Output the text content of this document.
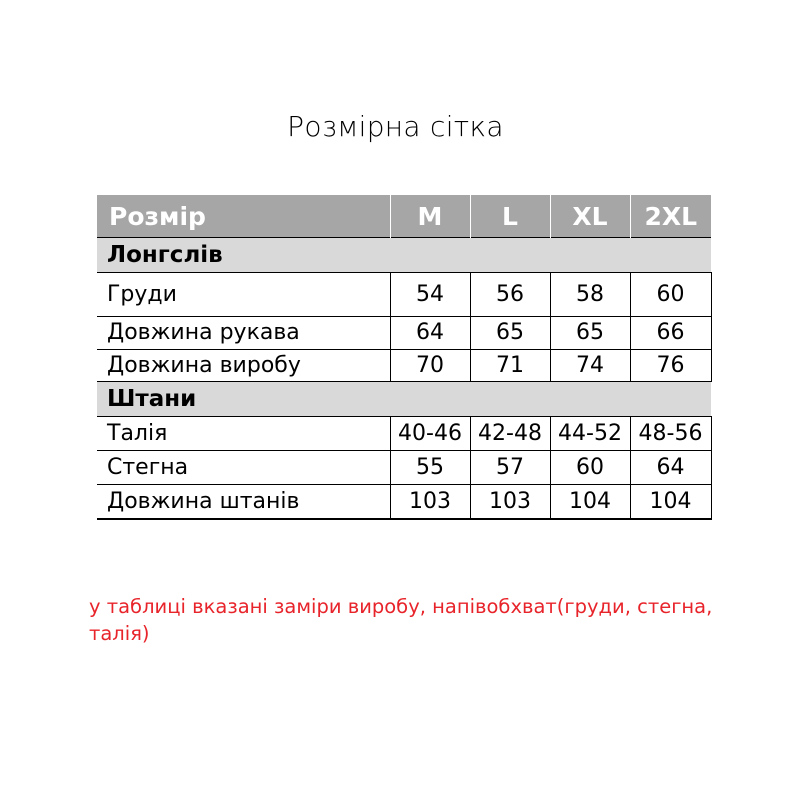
Розмірна сітка
Розмір	M	L	XL	2XL
Лонгслів				
Груди	54	56	58	60
Довжина рукава	64	65	65	66
Довжина виробу	70	71	74	76
Штани				
Талія	40-46	42-48	44-52	48-56
Стегна	55	57	60	64
Довжина штанів	103	103	104	104
у таблиці вказані заміри виробу, напівобхват(груди, стегна, талія)
